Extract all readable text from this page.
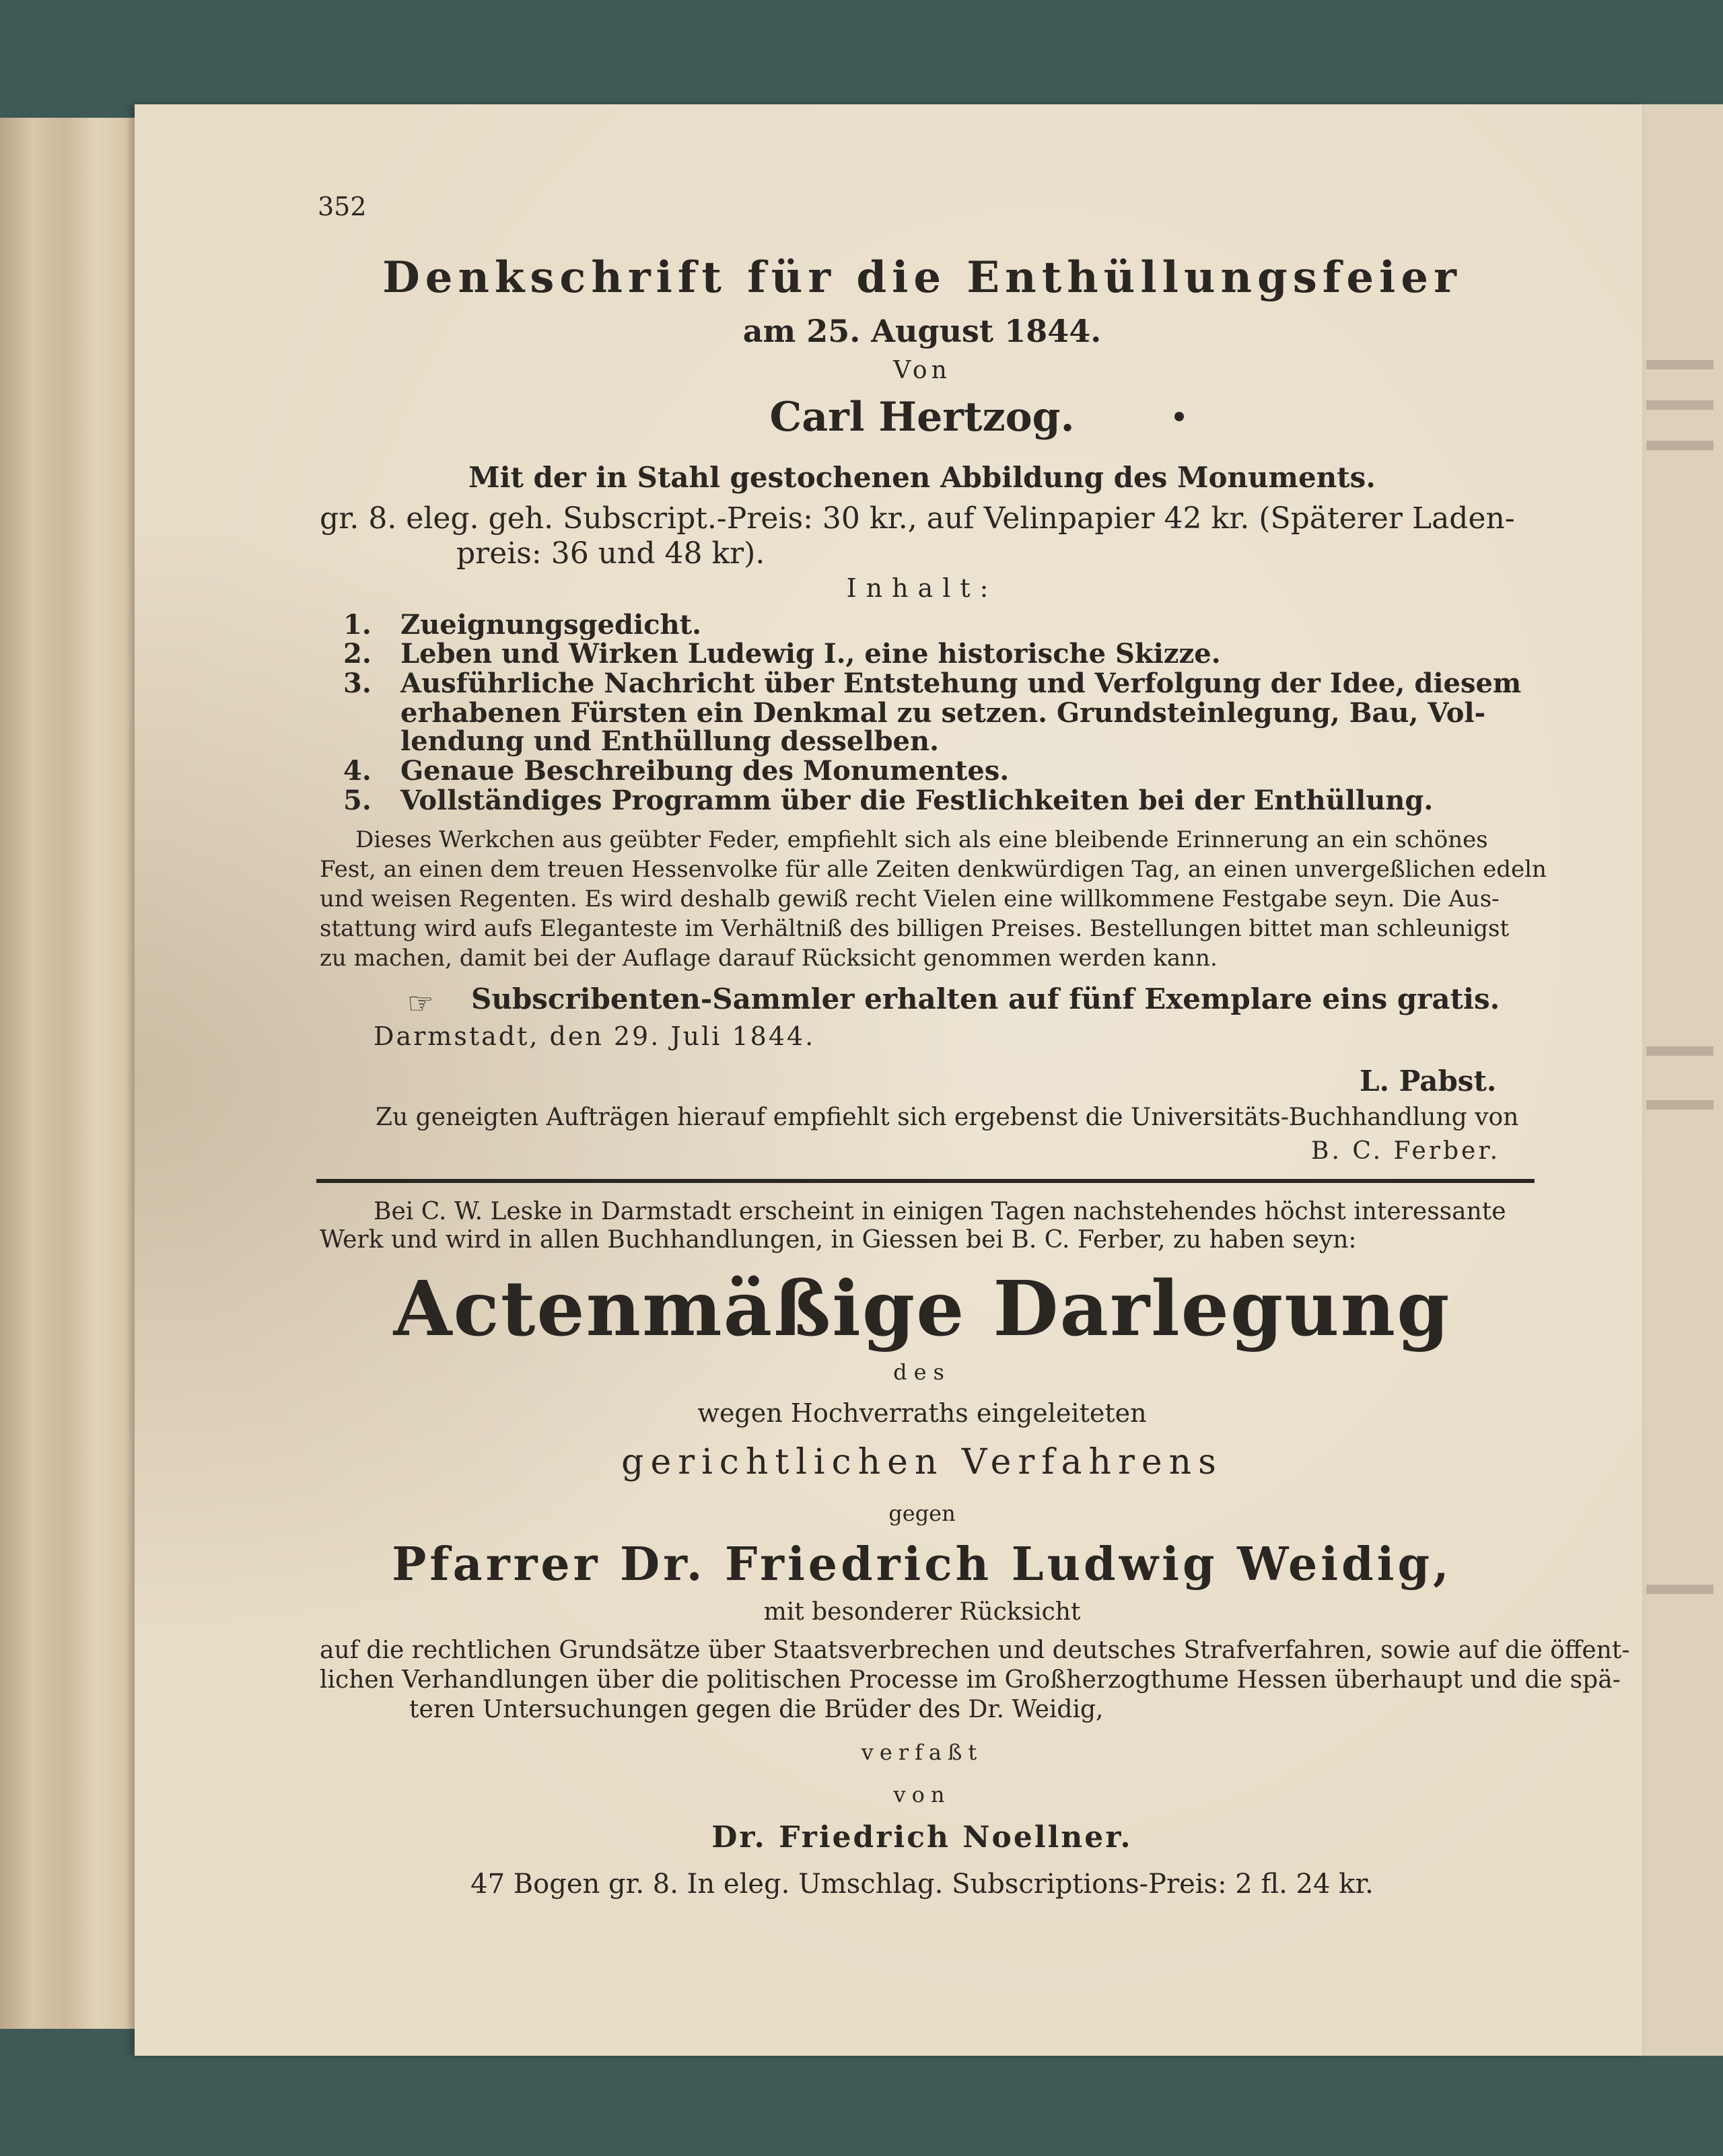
352
Denkschrift für die Enthüllungsfeier
am 25. August 1844.
Von
Carl Hertzog.
Mit der in Stahl gestochenen Abbildung des Monuments.
gr. 8. eleg. geh. Subscript.-Preis: 30 kr., auf Velinpapier 42 kr. (Späterer Laden-
preis: 36 und 48 kr).
Inhalt:
1. Zueignungsgedicht.
2. Leben und Wirken Ludewig I., eine historische Skizze.
3. Ausführliche Nachricht über Entstehung und Verfolgung der Idee, diesem
erhabenen Fürsten ein Denkmal zu setzen. Grundsteinlegung, Bau, Vol-
lendung und Enthüllung desselben.
4. Genaue Beschreibung des Monumentes.
5. Vollständiges Programm über die Festlichkeiten bei der Enthüllung.
Dieses Werkchen aus geübter Feder, empfiehlt sich als eine bleibende Erinnerung an ein schönes
Fest, an einen dem treuen Hessenvolke für alle Zeiten denkwürdigen Tag, an einen unvergeßlichen edeln
und weisen Regenten. Es wird deshalb gewiß recht Vielen eine willkommene Festgabe seyn. Die Aus-
stattung wird aufs Eleganteste im Verhältniß des billigen Preises. Bestellungen bittet man schleunigst
zu machen, damit bei der Auflage darauf Rücksicht genommen werden kann.
☞ Subscribenten-Sammler erhalten auf fünf Exemplare eins gratis.
Darmstadt, den 29. Juli 1844.
L. Pabst.
Zu geneigten Aufträgen hierauf empfiehlt sich ergebenst die Universitäts-Buchhandlung von
B. C. Ferber.
Bei C. W. Leske in Darmstadt erscheint in einigen Tagen nachstehendes höchst interessante
Werk und wird in allen Buchhandlungen, in Giessen bei B. C. Ferber, zu haben seyn:
Actenmäßige Darlegung
des
wegen Hochverraths eingeleiteten
gerichtlichen Verfahrens
gegen
Pfarrer Dr. Friedrich Ludwig Weidig,
mit besonderer Rücksicht
auf die rechtlichen Grundsätze über Staatsverbrechen und deutsches Strafverfahren, sowie auf die öffent-
lichen Verhandlungen über die politischen Processe im Großherzogthume Hessen überhaupt und die spä-
teren Untersuchungen gegen die Brüder des Dr. Weidig,
verfaßt
von
Dr. Friedrich Noellner.
47 Bogen gr. 8. In eleg. Umschlag. Subscriptions-Preis: 2 fl. 24 kr.
